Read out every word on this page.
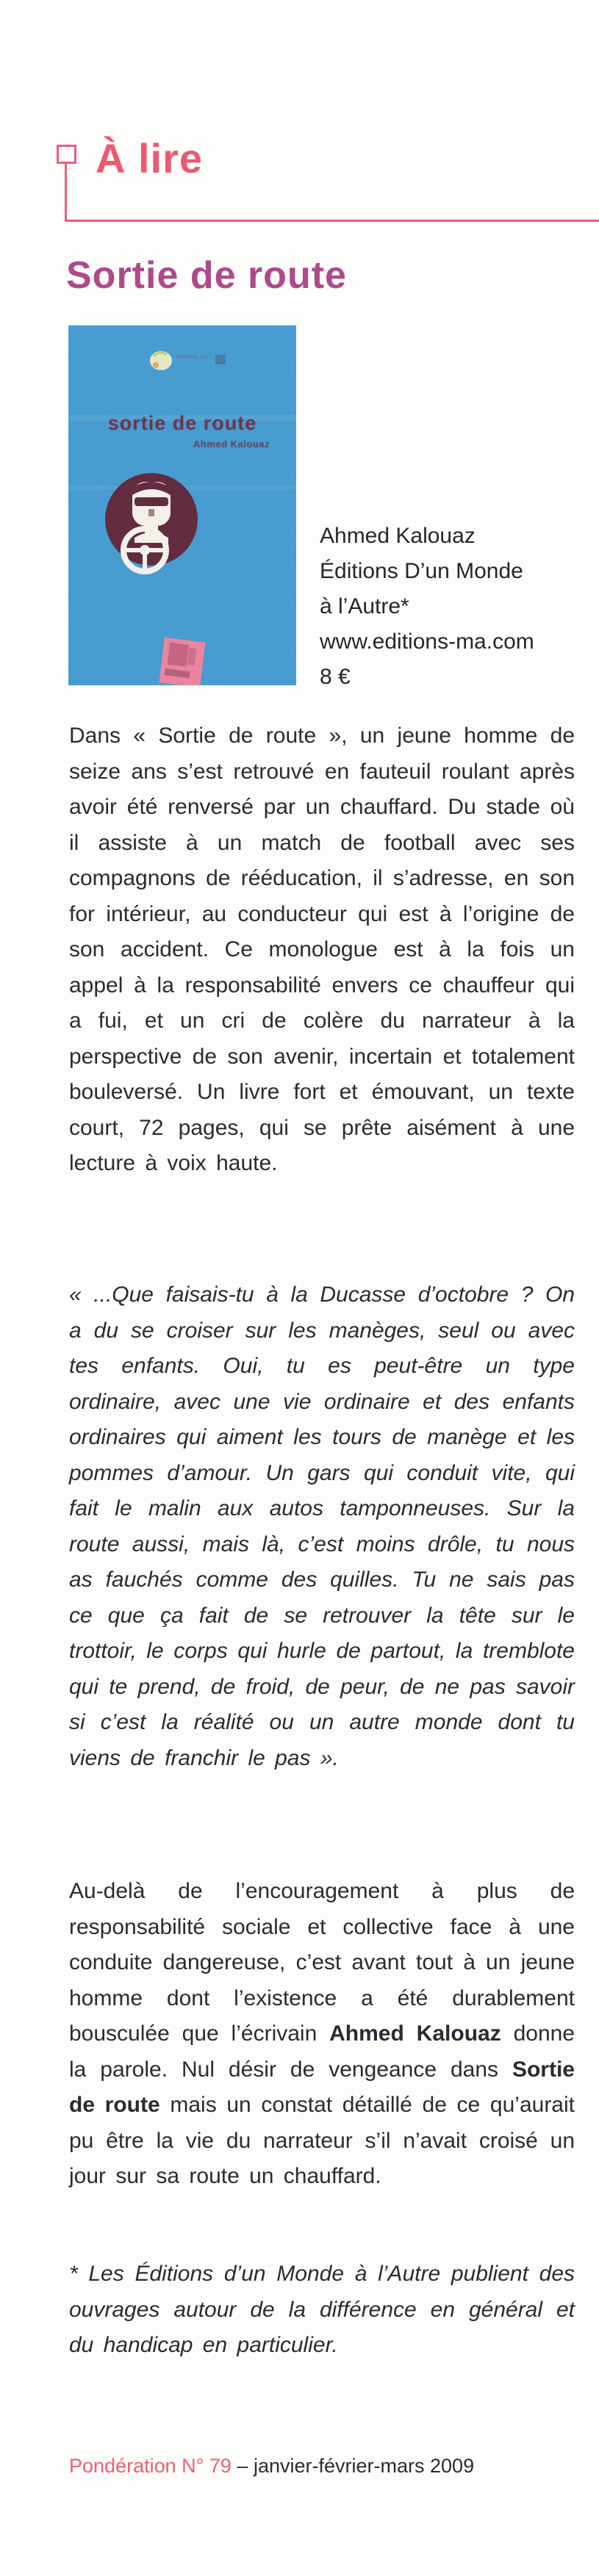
À lire
Sortie de route
sortie de route
Ahmed Kalouaz
Ahmed Kalouaz
Éditions D’un Monde
à l’Autre*
www.editions-ma.com
8 €
Dans « Sortie de route », un jeune homme de seize ans s’est retrouvé en fauteuil roulant après avoir été renversé par un chauffard. Du stade où il assiste à un match de football avec ses compagnons de rééducation, il s’adresse, en son for intérieur, au conducteur qui est à l’origine de son accident. Ce monologue est à la fois un appel à la responsabilité envers ce chauffeur qui a fui, et un cri de colère du narrateur à la perspective de son avenir, incertain et totalement bouleversé. Un livre fort et émouvant, un texte court, 72 pages, qui se prête aisément à une lecture à voix haute.
« ...Que faisais-tu à la Ducasse d’octobre ? On a du se croiser sur les manèges, seul ou avec tes enfants. Oui, tu es peut-être un type ordinaire, avec une vie ordinaire et des enfants ordinaires qui aiment les tours de manège et les pommes d’amour. Un gars qui conduit vite, qui fait le malin aux autos tamponneuses. Sur la route aussi, mais là, c’est moins drôle, tu nous as fauchés comme des quilles. Tu ne sais pas ce que ça fait de se retrouver la tête sur le trottoir, le corps qui hurle de partout, la tremblote qui te prend, de froid, de peur, de ne pas savoir si c’est la réalité ou un autre monde dont tu viens de franchir le pas ».
Au-delà de l’encouragement à plus de responsabilité sociale et collective face à une conduite dangereuse, c’est avant tout à un jeune homme dont l’existence a été durablement bousculée que l’écrivain Ahmed Kalouaz donne la parole. Nul désir de vengeance dans Sortie de route mais un constat détaillé de ce qu’aurait pu être la vie du narrateur s’il n’avait croisé un jour sur sa route un chauffard.
* Les Éditions d’un Monde à l’Autre publient des ouvrages autour de la différence en général et du handicap en particulier.
Pondération N° 79 – janvier-février-mars 2009
